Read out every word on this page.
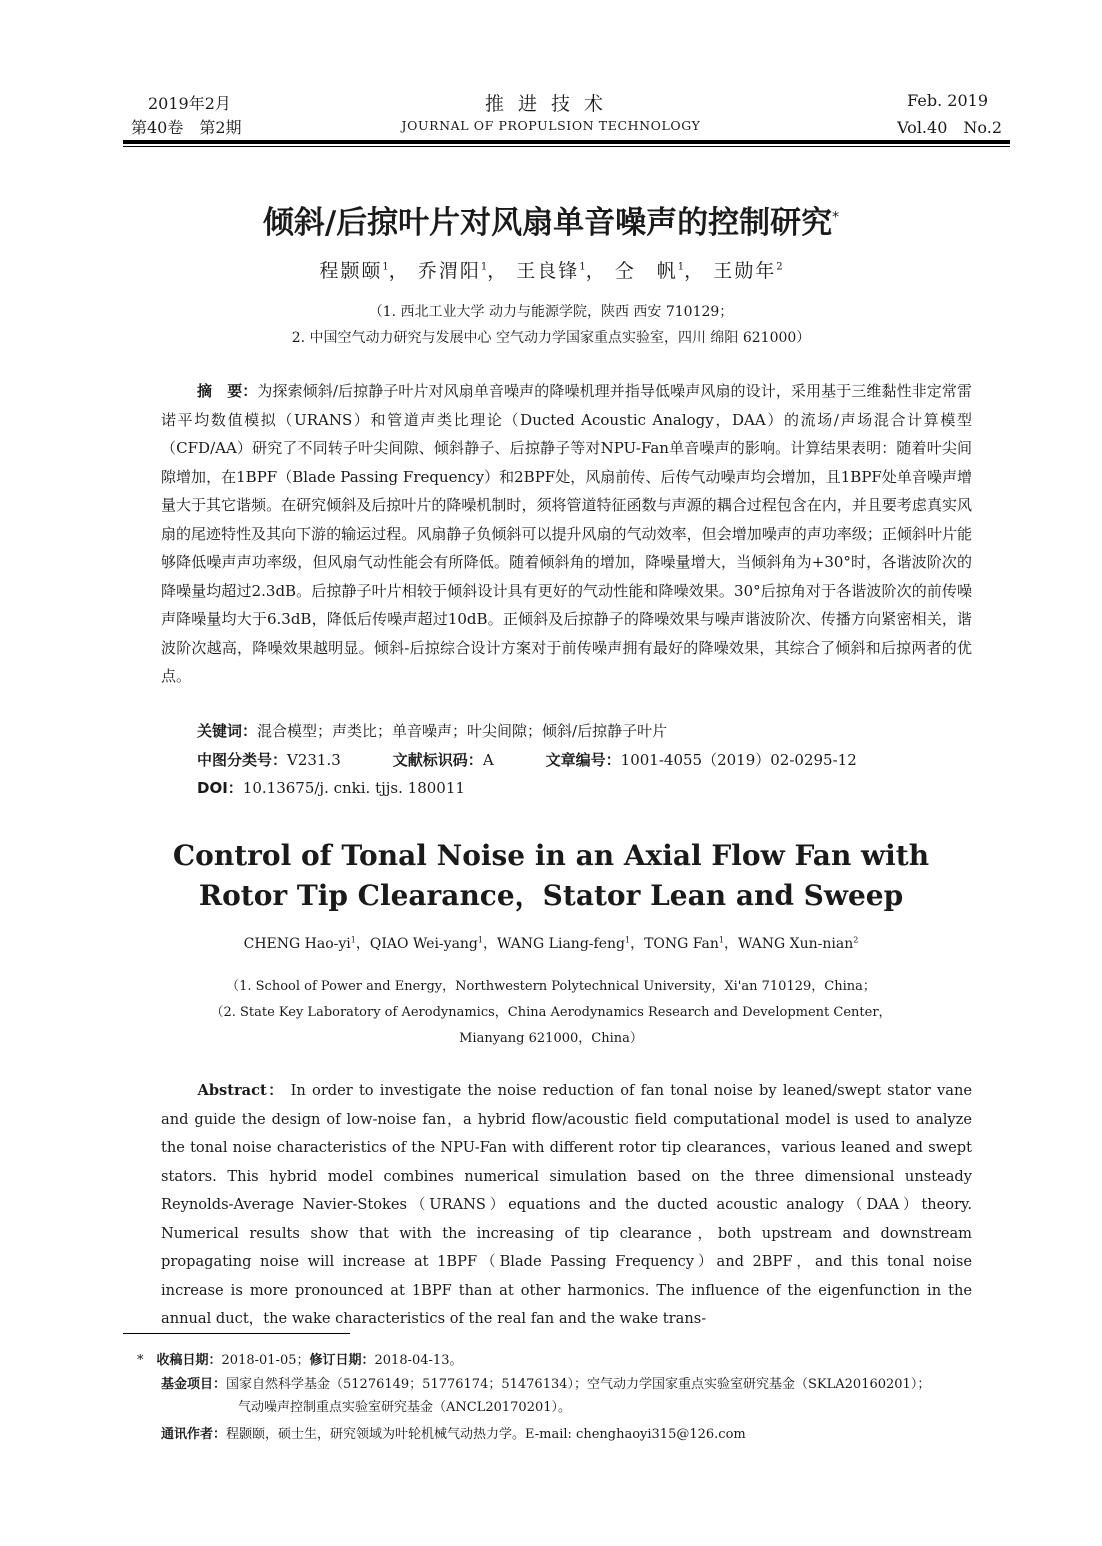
2019年2月
第40卷　第2期
推进技术
JOURNAL OF PROPULSION TECHNOLOGY
Feb. 2019
Vol.40　No.2
倾斜/后掠叶片对风扇单音噪声的控制研究*
程颢颐$^1$， 乔渭阳$^1$， 王良锋$^1$， 仝　帆$^1$， 王勋年$^2$
（1. 西北工业大学 动力与能源学院，陕西 西安 710129；
2. 中国空气动力研究与发展中心 空气动力学国家重点实验室，四川 绵阳 621000）

摘　要：为探索倾斜/后掠静子叶片对风扇单音噪声的降噪机理并指导低噪声风扇的设计，采用基于三维黏性非定常雷诺平均数值模拟（URANS）和管道声类比理论（Ducted Acoustic Analogy，DAA）的流场/声场混合计算模型（CFD/AA）研究了不同转子叶尖间隙、倾斜静子、后掠静子等对NPU-Fan单音噪声的影响。计算结果表明：随着叶尖间隙增加，在1BPF（Blade Passing Frequency）和2BPF处，风扇前传、后传气动噪声均会增加，且1BPF处单音噪声增量大于其它谐频。在研究倾斜及后掠叶片的降噪机制时，须将管道特征函数与声源的耦合过程包含在内，并且要考虑真实风扇的尾迹特性及其向下游的输运过程。风扇静子负倾斜可以提升风扇的气动效率，但会增加噪声的声功率级；正倾斜叶片能够降低噪声声功率级，但风扇气动性能会有所降低。随着倾斜角的增加，降噪量增大，当倾斜角为+30°时，各谐波阶次的降噪量均超过2.3dB。后掠静子叶片相较于倾斜设计具有更好的气动性能和降噪效果。30°后掠角对于各谐波阶次的前传噪声降噪量均大于6.3dB，降低后传噪声超过10dB。正倾斜及后掠静子的降噪效果与噪声谐波阶次、传播方向紧密相关，谐波阶次越高，降噪效果越明显。倾斜-后掠综合设计方案对于前传噪声拥有最好的降噪效果，其综合了倾斜和后掠两者的优点。

关键词：混合模型；声类比；单音噪声；叶尖间隙；倾斜/后掠静子叶片
中图分类号：V231.3	文献标识码：A	文章编号：1001-4055（2019）02-0295-12
DOI：10.13675/j. cnki. tjjs. 180011
Control of Tonal Noise in an Axial Flow Fan with
Rotor Tip Clearance，Stator Lean and Sweep
CHENG Hao-$yi^1$，QIAO Wei-yang$^1$，WANG Liang-feng$^1$，TONG Fan$^1$，WANG Xun-nian$^2$
（1. School of Power and Energy，Northwestern Polytechnical University，Xi'an 710129，China；
（2. State Key Laboratory of Aerodynamics，China Aerodynamics Research and Development Center，
Mianyang 621000，China）

Abstract： In order to investigate the noise reduction of fan tonal noise by leaned/swept stator vane and guide the design of low-noise fan，a hybrid flow/acoustic field computational model is used to analyze the tonal noise characteristics of the NPU-Fan with different rotor tip clearances，various leaned and swept stators. This hybrid model combines numerical simulation based on the three dimensional unsteady Reynolds-Average Navier-Stokes（URANS）equations and the ducted acoustic analogy（DAA）theory. Numerical results show that with the increasing of tip clearance，both upstream and downstream propagating noise will increase at 1BPF（Blade Passing Frequency）and 2BPF，and this tonal noise increase is more pronounced at 1BPF than at other harmonics. The influence of the eigenfunction in the annual duct，the wake characteristics of the real fan and the wake trans-

*　 收稿日期：2018-01-05；修订日期：2018-04-13。
基金项目：国家自然科学基金（51276149；51776174；51476134）；空气动力学国家重点实验室研究基金（SKLA20160201）；
气动噪声控制重点实验室研究基金（ANCL20170201）。
通讯作者：程颢颐，硕士生，研究领域为叶轮机械气动热力学。E-mail: chenghaoyi315@126.com
